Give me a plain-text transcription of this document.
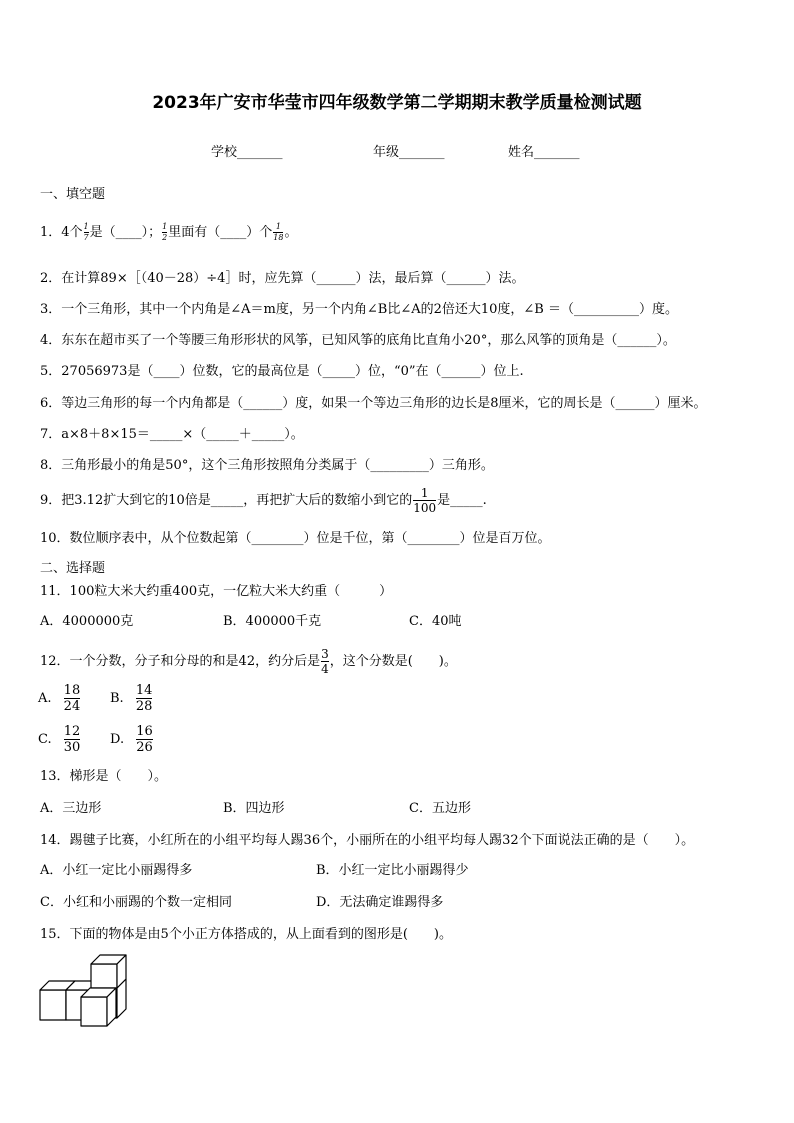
2023年广安市华莹市四年级数学第二学期期末教学质量检测试题
学校_______	年级_______	姓名_______
一、填空题
1．4个 $\frac{1}{7}$ 是（____）； $\frac{1}{2}$ 里面有（____）个 $\frac{1}{18}$ 。
2．在计算89×［（40－28）÷4］时，应先算（______）法，最后算（______）法。
3．一个三角形，其中一个内角是∠A＝m度，另一个内角∠B比∠A的2倍还大10度，∠B ＝（__________）度。
4．东东在超市买了一个等腰三角形形状的风筝，已知风筝的底角比直角小20°，那么风筝的顶角是（______）。
5．27056973是（____）位数，它的最高位是（_____）位，“0”在（______）位上.
6．等边三角形的每一个内角都是（______）度，如果一个等边三角形的边长是8厘米，它的周长是（______）厘米。
7．a×8＋8×15＝_____×（_____＋_____）。
8．三角形最小的角是50°，这个三角形按照角分类属于（_________）三角形。
9．把3.12扩大到它的10倍是_____，再把扩大后的数缩小到它的 $\frac{1}{100}$ 是_____.
10．数位顺序表中，从个位数起第（________）位是千位，第（________）位是百万位。
二、选择题
11．100粒大米大约重400克，一亿粒大米大约重（　　　）
A．4000000克	B．400000千克	C．40吨
12．一个分数，分子和分母的和是42，约分后是 $\frac{3}{4}$ ，这个分数是(　　)。
A. $\frac{18}{24} B$. $\frac{14}{28}$
C. $\frac{12}{30} D$. $\frac{16}{26}$
13．梯形是（　　）。
A．三边形	B．四边形	C．五边形
14．踢毽子比赛，小红所在的小组平均每人踢36个，小丽所在的小组平均每人踢32个下面说法正确的是（　　）。
A．小红一定比小丽踢得多	B．小红一定比小丽踢得少
C．小红和小丽踢的个数一定相同	D．无法确定谁踢得多
15．下面的物体是由5个小正方体搭成的，从上面看到的图形是(　　)。
